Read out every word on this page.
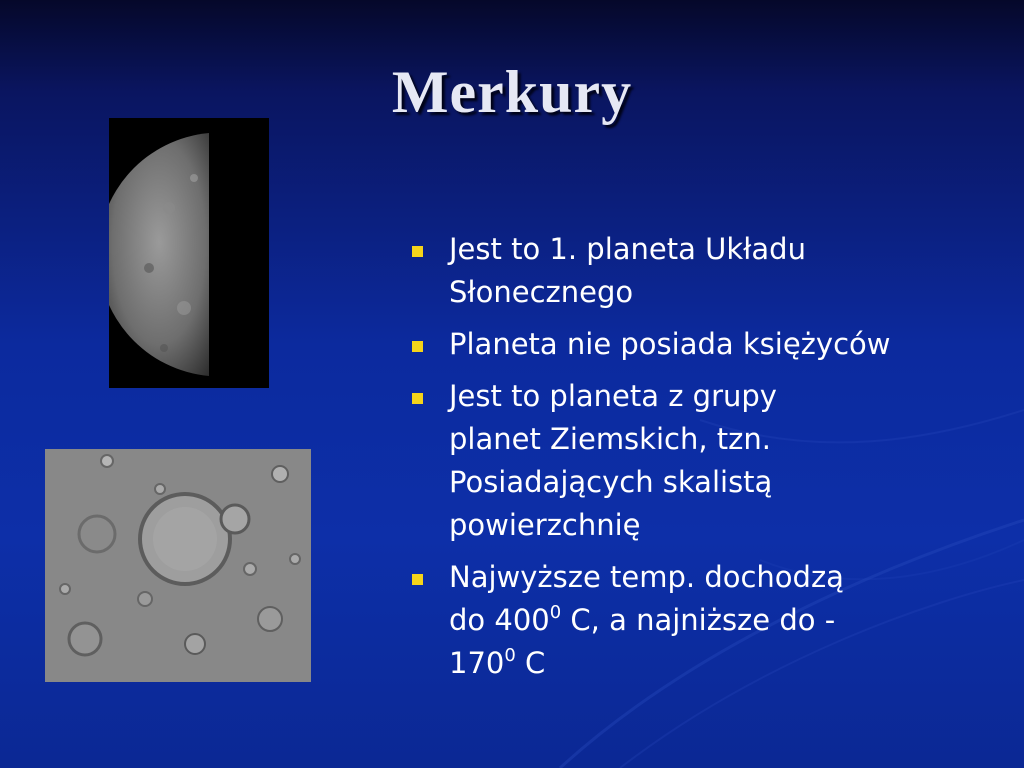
Merkury
Jest to 1. planeta Układu
Słonecznego
Planeta nie posiada księżyców
Jest to planeta z grupy
planet Ziemskich, tzn.
Posiadających skalistą
powierzchnię
Najwyższe temp. dochodzą
do $400^0$ C, a najniższe do -
$170^0$ C
